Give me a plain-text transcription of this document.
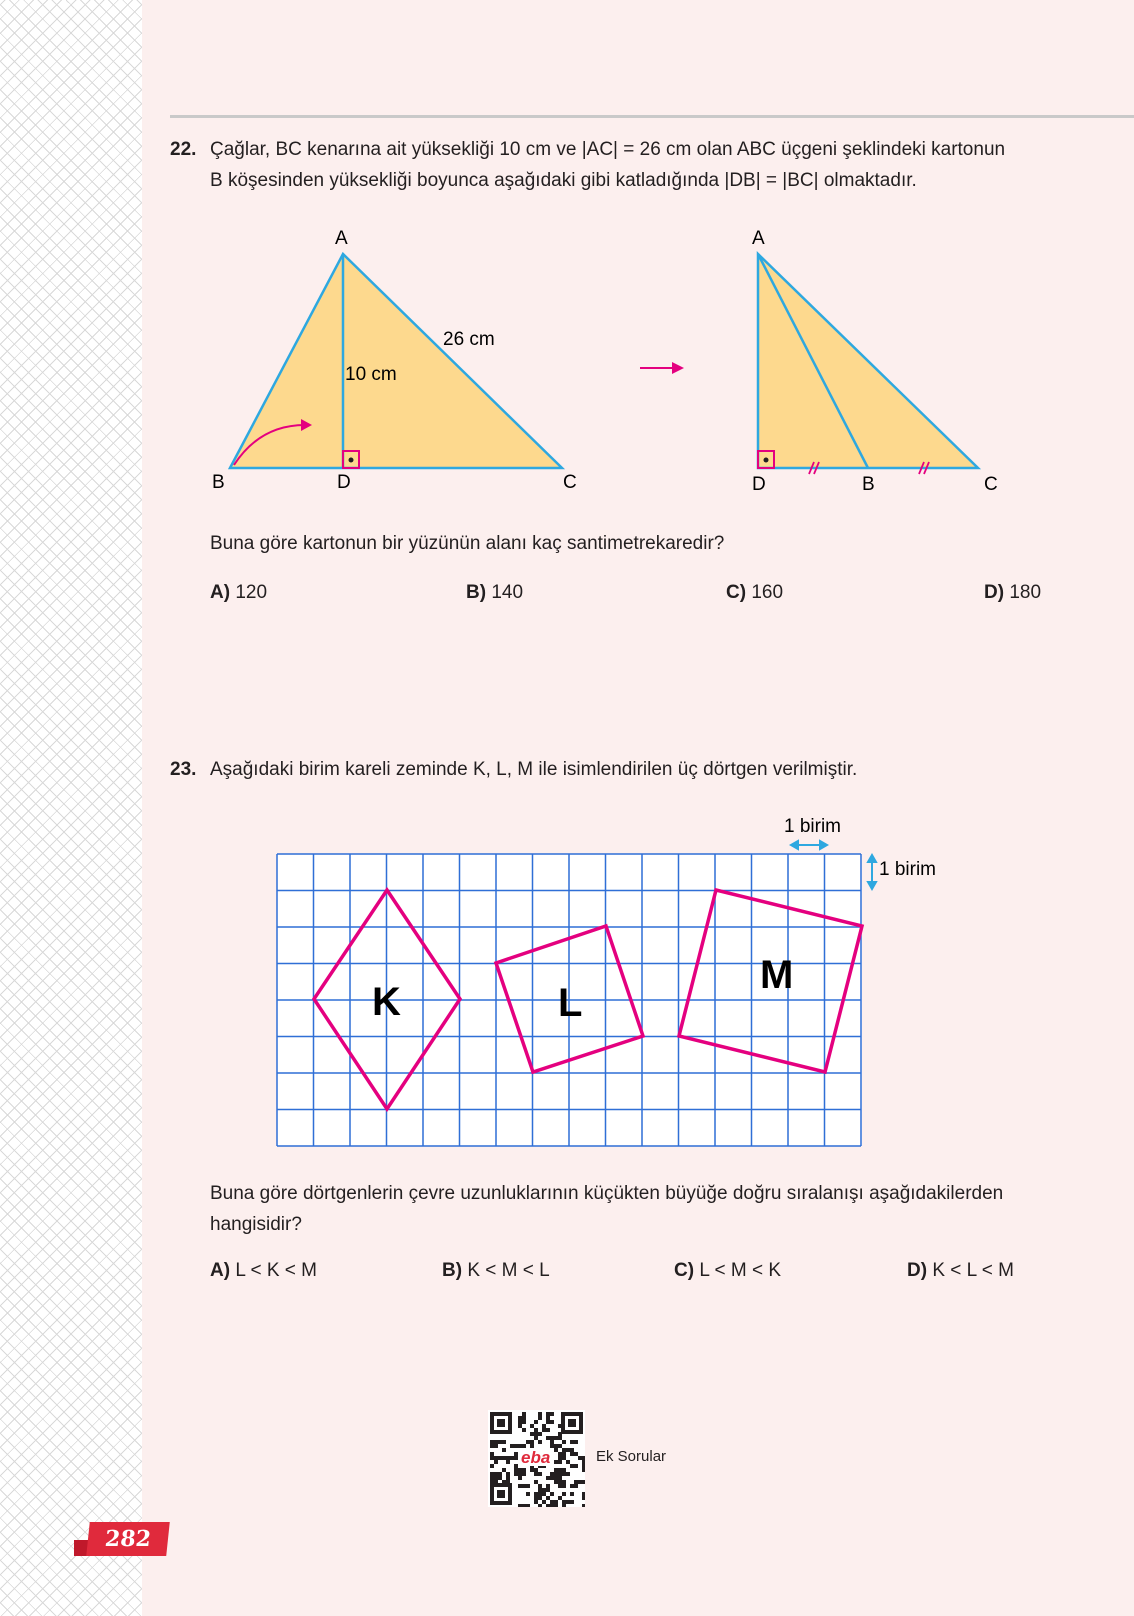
22. Çağlar, BC kenarına ait yüksekliği 10 cm ve |AC| = 26 cm olan ABC üçgeni şeklindeki kartonun
B köşesinden yüksekliği boyunca aşağıdaki gibi katladığında |DB| = |BC| olmaktadır.
A
B	D	C
10 cm
26 cm
A
D	B	C
Buna göre kartonun bir yüzünün alanı kaç santimetrekaredir?
A) 120	B) 140	C) 160	D) 180
23. Aşağıdaki birim kareli zeminde K, L, M ile isimlendirilen üç dörtgen verilmiştir.
1 birim
1 birim
K	L
M
Buna göre dörtgenlerin çevre uzunluklarının küçükten büyüğe doğru sıralanışı aşağıdakilerden
hangisidir?
A) L < K < M	B) K < M < L	C) L < M < K	D) K < L < M
eba	Ek Sorular
282
